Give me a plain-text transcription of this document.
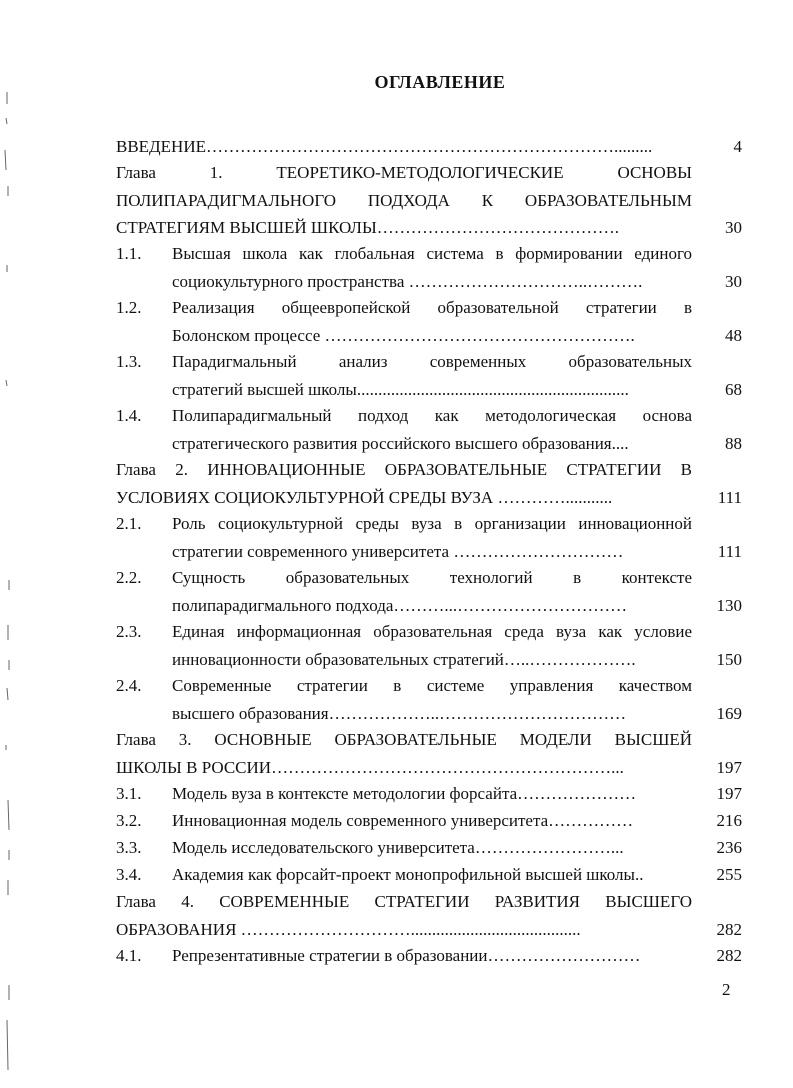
ОГЛАВЛЕНИЕ
ВВЕДЕНИЕ……………………………………………………………….........	4
Глава 1. ТЕОРЕТИКО-МЕТОДОЛОГИЧЕСКИЕ ОСНОВЫ
ПОЛИПАРАДИГМАЛЬНОГО ПОДХОДА К ОБРАЗОВАТЕЛЬНЫМ
СТРАТЕГИЯМ ВЫСШЕЙ ШКОЛЫ…………………………………….	30
1.1. Высшая школа как глобальная система в формировании единого
социокультурного пространства …………………………..……….	30
1.2. Реализация общеевропейской образовательной стратегии в
Болонском процессе ……………………………………………….	48
1.3. Парадигмальный анализ современных образовательных
стратегий высшей школы................................................................	68
1.4. Полипарадигмальный подход как методологическая основа
стратегического развития российского высшего образования....	88
Глава 2. ИННОВАЦИОННЫЕ ОБРАЗОВАТЕЛЬНЫЕ СТРАТЕГИИ В
УСЛОВИЯХ СОЦИОКУЛЬТУРНОЙ СРЕДЫ ВУЗА …………...........	111
2.1. Роль социокультурной среды вуза в организации инновационной
стратегии современного университета …………………………	111
2.2. Сущность образовательных технологий в контексте
полипарадигмального подхода………...…………………………	130
2.3. Единая информационная образовательная среда вуза как условие
инновационности образовательных стратегий…..……………….	150
2.4. Современные стратегии в системе управления качеством
высшего образования………………..……………………………	169
Глава 3. ОСНОВНЫЕ ОБРАЗОВАТЕЛЬНЫЕ МОДЕЛИ ВЫСШЕЙ
ШКОЛЫ В РОССИИ……………………………………………………...	197
3.1. Модель вуза в контексте методологии форсайта…………………	197
3.2. Инновационная модель современного университета……………	216
3.3. Модель исследовательского университета……………………...	236
3.4. Академия как форсайт-проект монопрофильной высшей школы..	255
Глава 4. СОВРЕМЕННЫЕ СТРАТЕГИИ РАЗВИТИЯ ВЫСШЕГО
ОБРАЗОВАНИЯ …………………………........................................	282
4.1. Репрезентативные стратегии в образовании………………………	282
2
